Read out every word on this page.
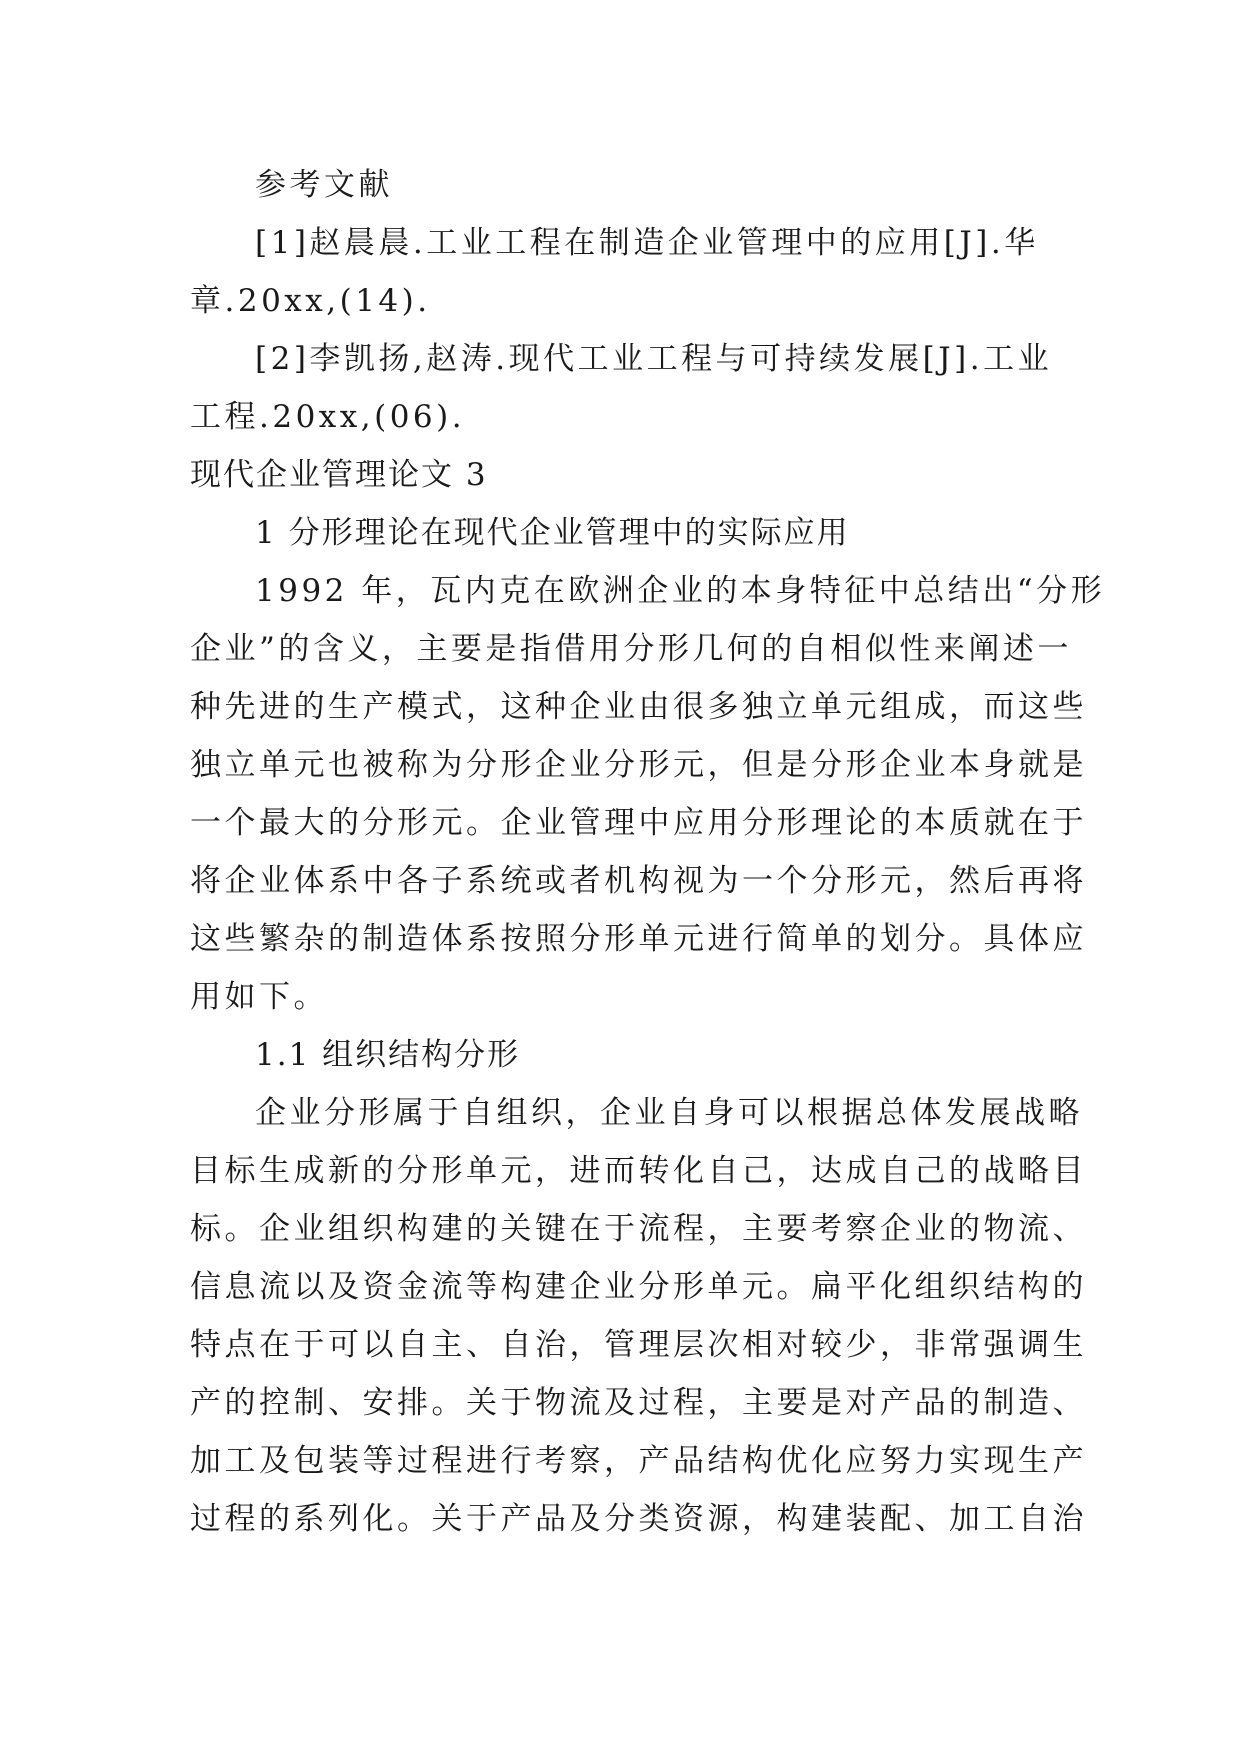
参考文献

[1]赵晨晨.工业工程在制造企业管理中的应用[J].华

章.20xx,(14).

[2]李凯扬,赵涛.现代工业工程与可持续发展[J].工业

工程.20xx,(06).

现代企业管理论文 3

1 分形理论在现代企业管理中的实际应用

1992 年，瓦内克在欧洲企业的本身特征中总结出“分形

企业”的含义，主要是指借用分形几何的自相似性来阐述一

种先进的生产模式，这种企业由很多独立单元组成，而这些

独立单元也被称为分形企业分形元，但是分形企业本身就是

一个最大的分形元。企业管理中应用分形理论的本质就在于

将企业体系中各子系统或者机构视为一个分形元，然后再将

这些繁杂的制造体系按照分形单元进行简单的划分。具体应

用如下。

1.1 组织结构分形

企业分形属于自组织，企业自身可以根据总体发展战略

目标生成新的分形单元，进而转化自己，达成自己的战略目

标。企业组织构建的关键在于流程，主要考察企业的物流、

信息流以及资金流等构建企业分形单元。扁平化组织结构的

特点在于可以自主、自治，管理层次相对较少，非常强调生

产的控制、安排。关于物流及过程，主要是对产品的制造、

加工及包装等过程进行考察，产品结构优化应努力实现生产

过程的系列化。关于产品及分类资源，构建装配、加工自治
